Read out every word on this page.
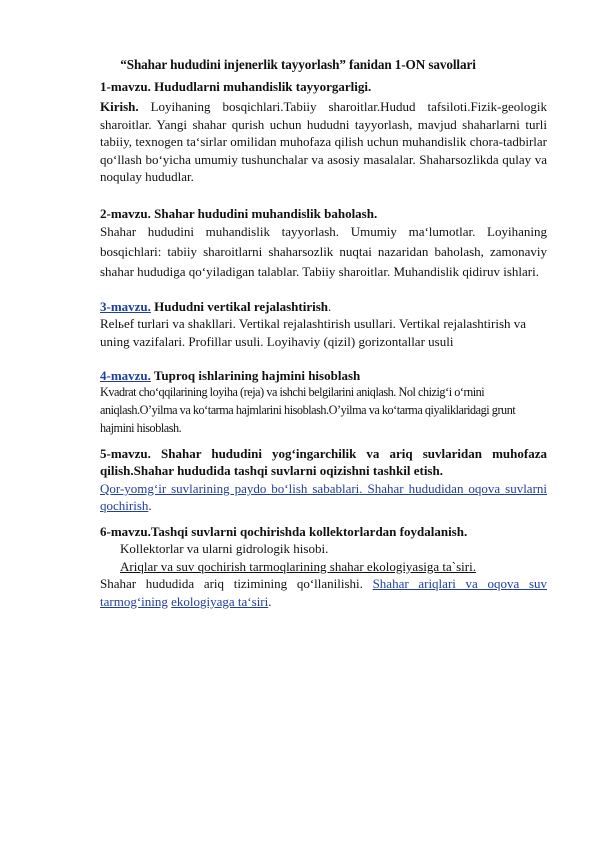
“Shahar hududini injenerlik tayyorlash” fanidan 1-ON savollari

1-mavzu. Hududlarni muhandislik tayyorgarligi.

Kirish. Loyihaning bosqichlari.Tabiiy sharoitlar.Hudud tafsiloti.Fizik-geologik sharoitlar. Yangi shahar qurish uchun hududni tayyorlash, mavjud shaharlarni turli tabiiy, texnogen ta‘sirlar omilidan muhofaza qilish uchun muhandislik chora-tadbirlar qo‘llash bo‘yicha umumiy tushunchalar va asosiy masalalar. Shaharsozlikda qulay va noqulay hududlar.

2-mavzu. Shahar hududini muhandislik baholash.

Shahar hududini muhandislik tayyorlash. Umumiy ma‘lumotlar. Loyihaning bosqichlari: tabiiy sharoitlarni shaharsozlik nuqtai nazaridan baholash, zamonaviy shahar hududiga qo‘yiladigan talablar. Tabiiy sharoitlar. Muhandislik qidiruv ishlari.

3-mavzu. Hududni vertikal rejalashtirish.

Relьef turlari va shakllari. Vertikal rejalashtirish usullari. Vertikal rejalashtirish va uning vazifalari. Profillar usuli. Loyihaviy (qizil) gorizontallar usuli

4-mavzu. Tuproq ishlarining hajmini hisoblash

Kvadrat cho‘qqilarining loyiha (reja) va ishchi belgilarini aniqlash. Nol chizig‘i o‘rnini aniqlash.O’yilma va ko‘tarma hajmlarini hisoblash.O’yilma va ko‘tarma qiyaliklaridagi grunt hajmini hisoblash.

5-mavzu. Shahar hududini yog‘ingarchilik va ariq suvlaridan muhofaza qilish.Shahar hududida tashqi suvlarni oqizishni tashkil etish.

Qor-yomg‘ir suvlarining paydo bo‘lish sabablari. Shahar hududidan oqova suvlarni qochirish.

6-mavzu.Tashqi suvlarni qochirishda kollektorlardan foydalanish.

Kollektorlar va ularni gidrologik hisobi.

Ariqlar va suv qochirish tarmoqlarining shahar ekologiyasiga ta`siri.

Shahar hududida ariq tizimining qo‘llanilishi. Shahar ariqlari va oqova suv tarmog‘ining ekologiyaga ta‘siri.
